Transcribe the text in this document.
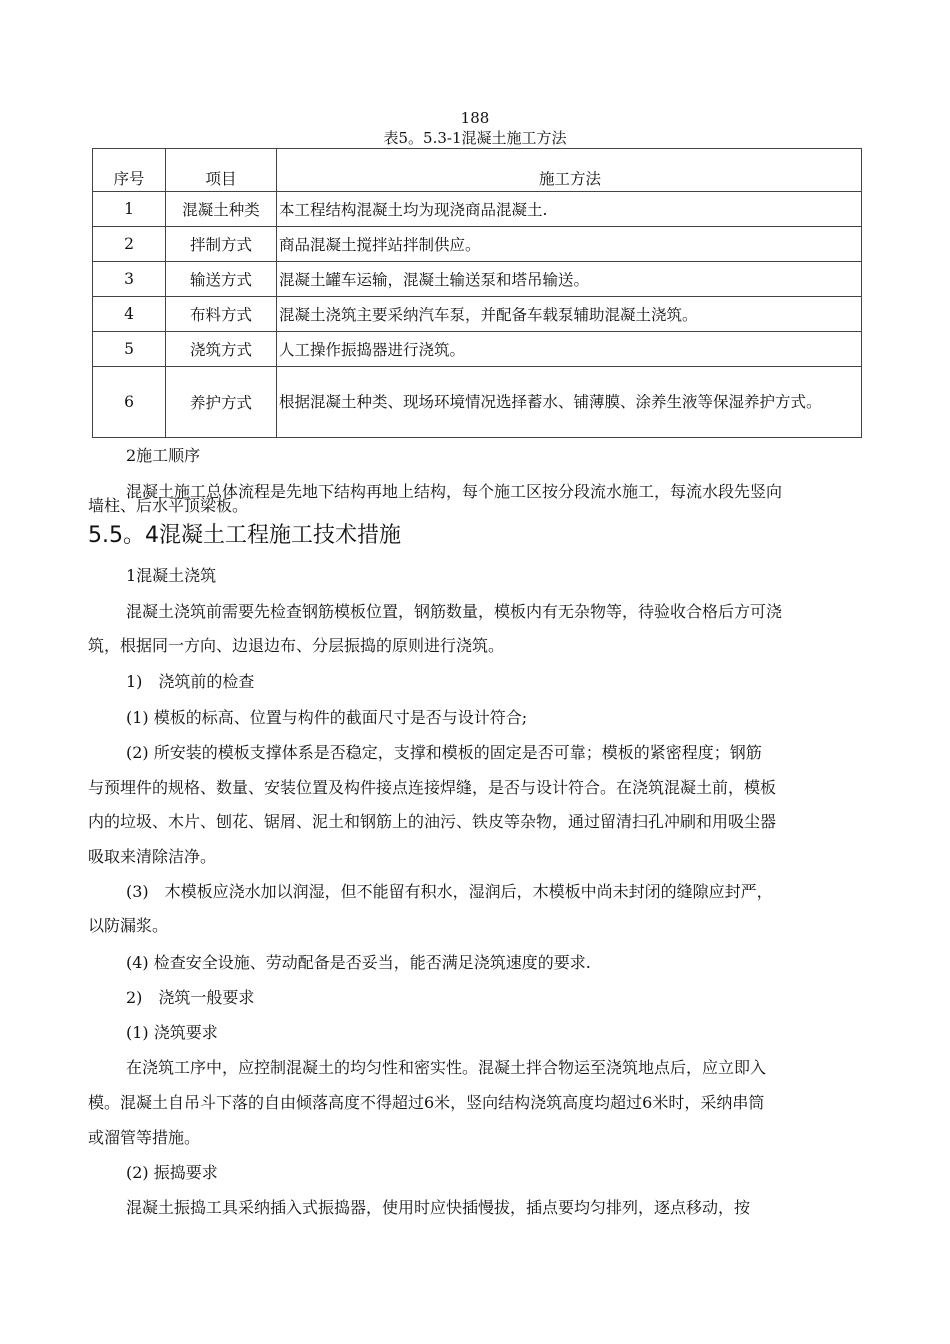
188
表5。5.3-1混凝土施工方法
序号	项目	施工方法
1	混凝土种类	本工程结构混凝土均为现浇商品混凝土.
2	拌制方式	商品混凝土搅拌站拌制供应。
3	输送方式	混凝土罐车运输，混凝土输送泵和塔吊输送。
4	布料方式	混凝土浇筑主要采纳汽车泵，并配备车载泵辅助混凝土浇筑。
5	浇筑方式	人工操作振捣器进行浇筑。
6	养护方式	根据混凝土种类、现场环境情况选择蓄水、铺薄膜、涂养生液等保湿养护方式。
2施工顺序
混凝土施工总体流程是先地下结构再地上结构，每个施工区按分段流水施工，每流水段先竖向
墙柱、后水平顶梁板。
5.5。4混凝土工程施工技术措施
1混凝土浇筑
混凝土浇筑前需要先检查钢筋模板位置，钢筋数量，模板内有无杂物等，待验收合格后方可浇
筑，根据同一方向、边退边布、分层振捣的原则进行浇筑。
1)　浇筑前的检查
(1) 模板的标高、位置与构件的截面尺寸是否与设计符合;
(2) 所安装的模板支撑体系是否稳定，支撑和模板的固定是否可靠；模板的紧密程度；钢筋
与预埋件的规格、数量、安装位置及构件接点连接焊缝，是否与设计符合。在浇筑混凝土前，模板
内的垃圾、木片、刨花、锯屑、泥土和钢筋上的油污、铁皮等杂物，通过留清扫孔冲刷和用吸尘器
吸取来清除洁净。
(3)　木模板应浇水加以润湿，但不能留有积水，湿润后，木模板中尚未封闭的缝隙应封严，
以防漏浆。
(4) 检查安全设施、劳动配备是否妥当，能否满足浇筑速度的要求.
2)　浇筑一般要求
(1) 浇筑要求
在浇筑工序中，应控制混凝土的均匀性和密实性。混凝土拌合物运至浇筑地点后，应立即入
模。混凝土自吊斗下落的自由倾落高度不得超过6米，竖向结构浇筑高度均超过6米时，采纳串筒
或溜管等措施。
(2) 振捣要求
混凝土振捣工具采纳插入式振捣器，使用时应快插慢拔，插点要均匀排列，逐点移动，按
